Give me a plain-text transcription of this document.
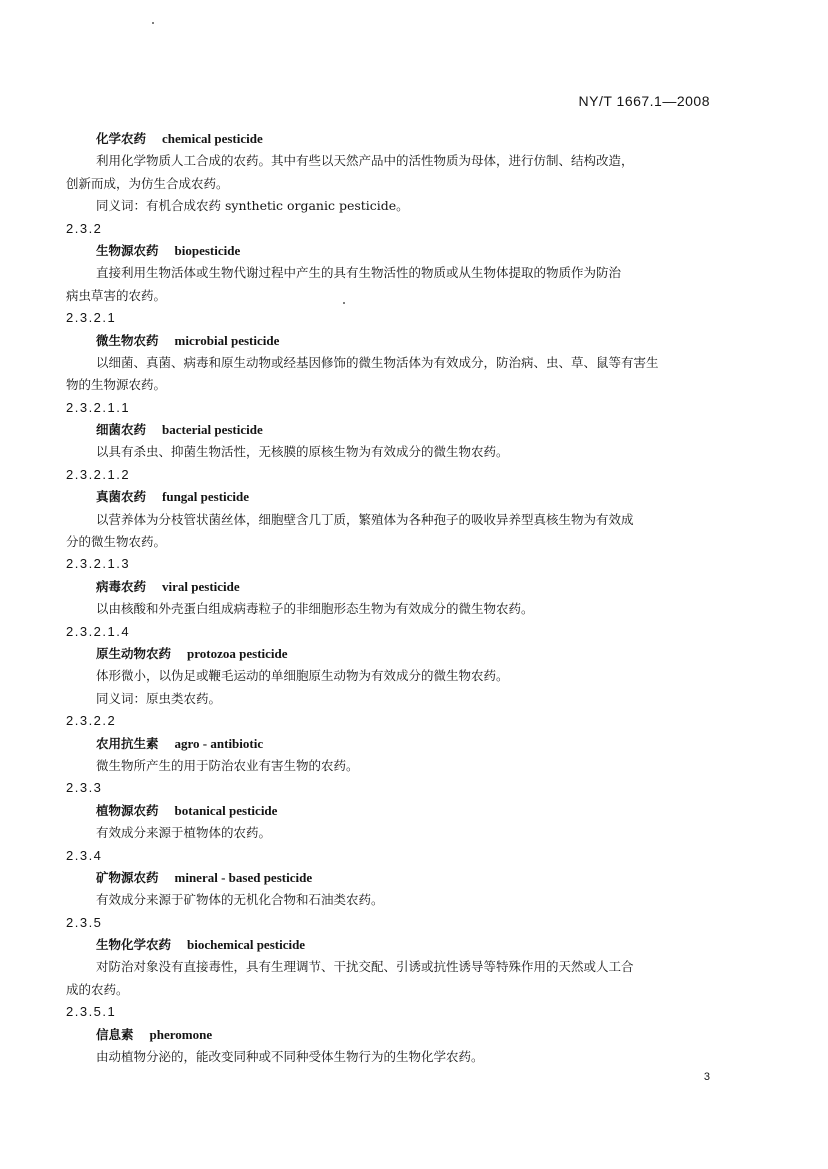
NY/T 1667.1—2008
化学农药 chemical pesticide
利用化学物质人工合成的农药。其中有些以天然产品中的活性物质为母体，进行仿制、结构改造，
创新而成，为仿生合成农药。
同义词：有机合成农药 synthetic organic pesticide。
2.3.2
生物源农药 biopesticide
直接利用生物活体或生物代谢过程中产生的具有生物活性的物质或从生物体提取的物质作为防治
病虫草害的农药。
2.3.2.1
微生物农药 microbial pesticide
以细菌、真菌、病毒和原生动物或经基因修饰的微生物活体为有效成分，防治病、虫、草、鼠等有害生
物的生物源农药。
2.3.2.1.1
细菌农药 bacterial pesticide
以具有杀虫、抑菌生物活性，无核膜的原核生物为有效成分的微生物农药。
2.3.2.1.2
真菌农药 fungal pesticide
以营养体为分枝管状菌丝体，细胞壁含几丁质，繁殖体为各种孢子的吸收异养型真核生物为有效成
分的微生物农药。
2.3.2.1.3
病毒农药 viral pesticide
以由核酸和外壳蛋白组成病毒粒子的非细胞形态生物为有效成分的微生物农药。
2.3.2.1.4
原生动物农药 protozoa pesticide
体形微小，以伪足或鞭毛运动的单细胞原生动物为有效成分的微生物农药。
同义词：原虫类农药。
2.3.2.2
农用抗生素 agro - antibiotic
微生物所产生的用于防治农业有害生物的农药。
2.3.3
植物源农药 botanical pesticide
有效成分来源于植物体的农药。
2.3.4
矿物源农药 mineral - based pesticide
有效成分来源于矿物体的无机化合物和石油类农药。
2.3.5
生物化学农药 biochemical pesticide
对防治对象没有直接毒性，具有生理调节、干扰交配、引诱或抗性诱导等特殊作用的天然或人工合
成的农药。
2.3.5.1
信息素 pheromone
由动植物分泌的，能改变同种或不同种受体生物行为的生物化学农药。
3
